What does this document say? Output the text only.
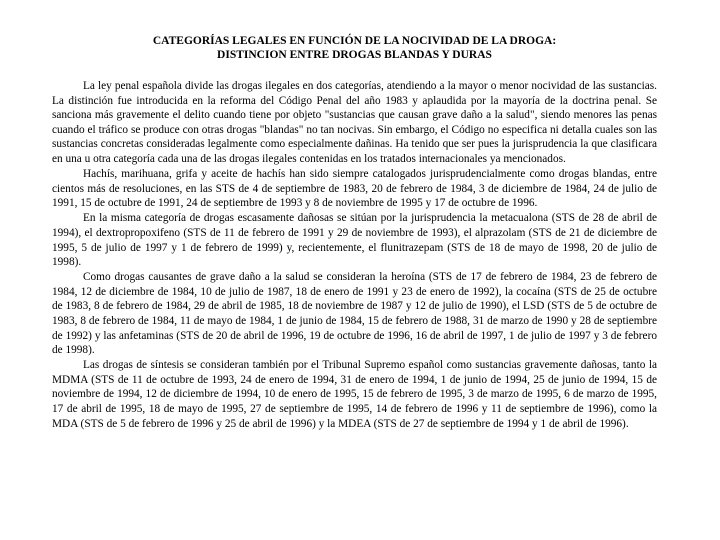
CATEGORÍAS LEGALES EN FUNCIÓN DE LA NOCIVIDAD DE LA DROGA:
DISTINCION ENTRE DROGAS BLANDAS Y DURAS

La ley penal española divide las drogas ilegales en dos categorías, atendiendo a la mayor o menor nocividad de las sustancias. La distinción fue introducida en la reforma del Código Penal del año 1983 y aplaudida por la mayoría de la doctrina penal. Se sanciona más gravemente el delito cuando tiene por objeto "sustancias que causan grave daño a la salud", siendo menores las penas cuando el tráfico se produce con otras drogas "blandas" no tan nocivas. Sin embargo, el Código no especifica ni detalla cuales son las sustancias concretas consideradas legalmente como especialmente dañinas. Ha tenido que ser pues la jurisprudencia la que clasificara en una u otra categoría cada una de las drogas ilegales contenidas en los tratados internacionales ya mencionados.

Hachís, marihuana, grifa y aceite de hachís han sido siempre catalogados jurisprudencialmente como drogas blandas, entre cientos más de resoluciones, en las STS de 4 de septiembre de 1983, 20 de febrero de 1984, 3 de diciembre de 1984, 24 de julio de 1991, 15 de octubre de 1991, 24 de septiembre de 1993 y 8 de noviembre de 1995 y 17 de octubre de 1996.

En la misma categoría de drogas escasamente dañosas se sitúan por la jurisprudencia la metacualona (STS de 28 de abril de 1994), el dextropropoxifeno (STS de 11 de febrero de 1991 y 29 de noviembre de 1993), el alprazolam (STS de 21 de diciembre de 1995, 5 de julio de 1997 y 1 de febrero de 1999) y, recientemente, el flunitrazepam (STS de 18 de mayo de 1998, 20 de julio de 1998).

Como drogas causantes de grave daño a la salud se consideran la heroína (STS de 17 de febrero de 1984, 23 de febrero de 1984, 12 de diciembre de 1984, 10 de julio de 1987, 18 de enero de 1991 y 23 de enero de 1992), la cocaína (STS de 25 de octubre de 1983, 8 de febrero de 1984, 29 de abril de 1985, 18 de noviembre de 1987 y 12 de julio de 1990), el LSD (STS de 5 de octubre de 1983, 8 de febrero de 1984, 11 de mayo de 1984, 1 de junio de 1984, 15 de febrero de 1988, 31 de marzo de 1990 y 28 de septiembre de 1992) y las anfetaminas (STS de 20 de abril de 1996, 19 de octubre de 1996, 16 de abril de 1997, 1 de julio de 1997 y 3 de febrero de 1998).

Las drogas de síntesis se consideran también por el Tribunal Supremo español como sustancias gravemente dañosas, tanto la MDMA (STS de 11 de octubre de 1993, 24 de enero de 1994, 31 de enero de 1994, 1 de junio de 1994, 25 de junio de 1994, 15 de noviembre de 1994, 12 de diciembre de 1994, 10 de enero de 1995, 15 de febrero de 1995, 3 de marzo de 1995, 6 de marzo de 1995, 17 de abril de 1995, 18 de mayo de 1995, 27 de septiembre de 1995, 14 de febrero de 1996 y 11 de septiembre de 1996), como la MDA (STS de 5 de febrero de 1996 y 25 de abril de 1996) y la MDEA (STS de 27 de septiembre de 1994 y 1 de abril de 1996).
